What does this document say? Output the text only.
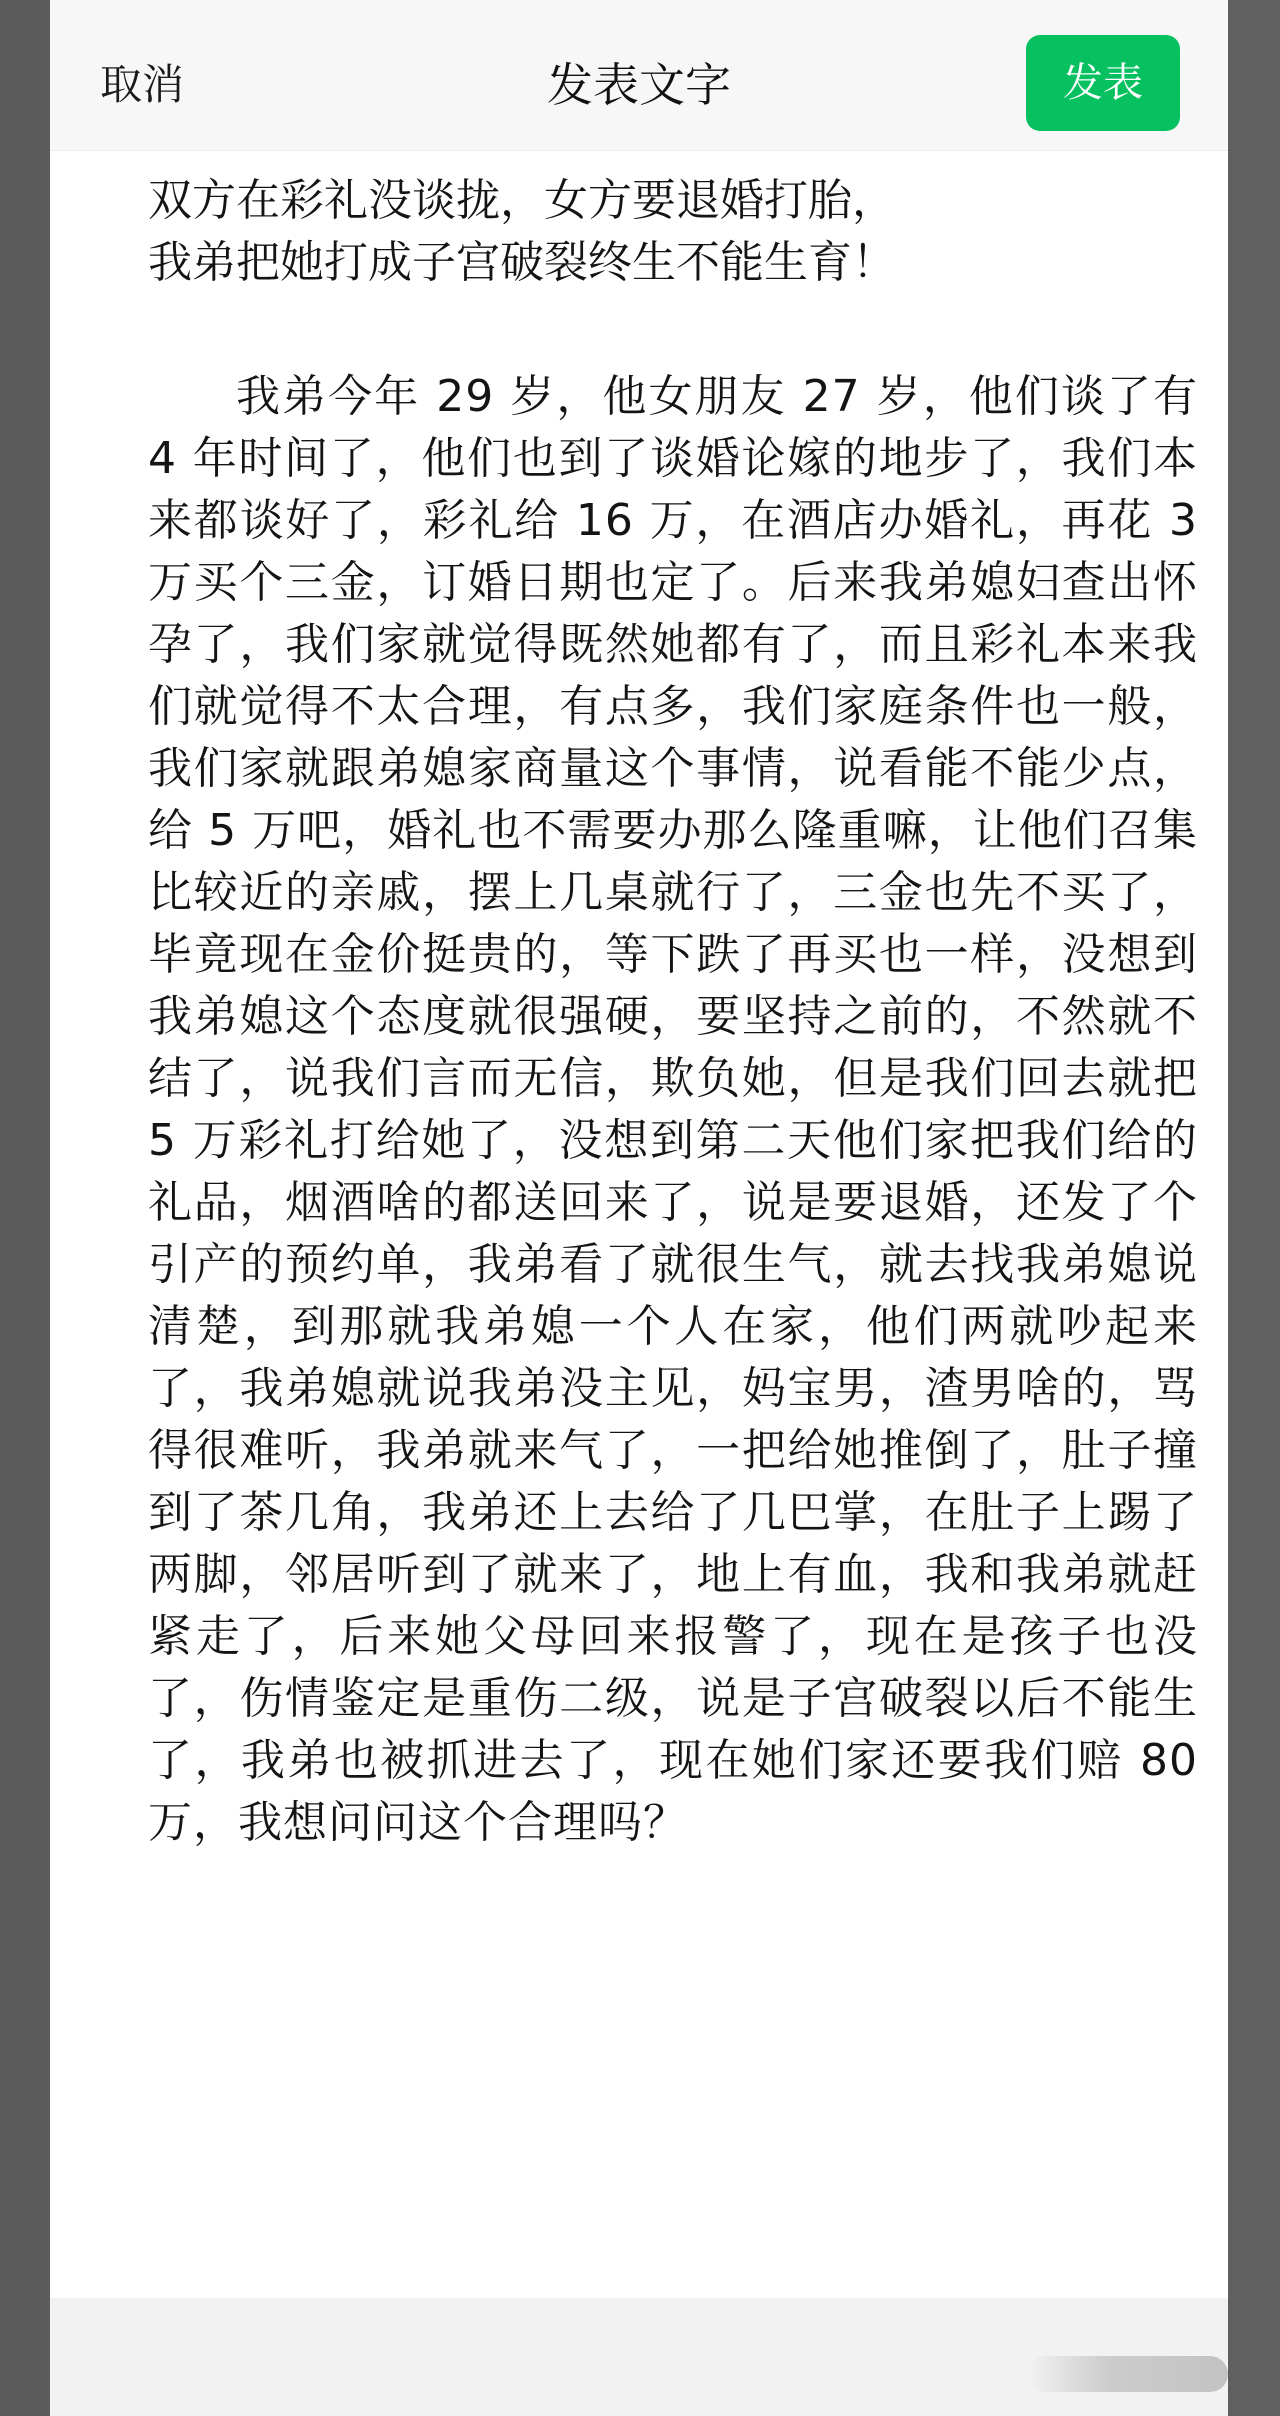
取消	发表文字	发表

双方在彩礼没谈拢，女方要退婚打胎，
我弟把她打成子宫破裂终生不能生育！

我弟今年 29 岁，他女朋友 27 岁，他们谈了有 4 年时间了，他们也到了谈婚论嫁的地步了，我们本来都谈好了，彩礼给 16 万，在酒店办婚礼，再花 3 万买个三金，订婚日期也定了。后来我弟媳妇查出怀孕了，我们家就觉得既然她都有了，而且彩礼本来我们就觉得不太合理，有点多，我们家庭条件也一般，我们家就跟弟媳家商量这个事情，说看能不能少点，给 5 万吧，婚礼也不需要办那么隆重嘛，让他们召集比较近的亲戚，摆上几桌就行了，三金也先不买了，毕竟现在金价挺贵的，等下跌了再买也一样，没想到我弟媳这个态度就很强硬，要坚持之前的，不然就不结了，说我们言而无信，欺负她，但是我们回去就把 5 万彩礼打给她了，没想到第二天他们家把我们给的礼品，烟酒啥的都送回来了，说是要退婚，还发了个引产的预约单，我弟看了就很生气，就去找我弟媳说清楚，到那就我弟媳一个人在家，他们两就吵起来了，我弟媳就说我弟没主见，妈宝男，渣男啥的，骂得很难听，我弟就来气了，一把给她推倒了，肚子撞到了茶几角，我弟还上去给了几巴掌，在肚子上踢了两脚，邻居听到了就来了，地上有血，我和我弟就赶紧走了，后来她父母回来报警了，现在是孩子也没了，伤情鉴定是重伤二级，说是子宫破裂以后不能生了，我弟也被抓进去了，现在她们家还要我们赔 80 万，我想问问这个合理吗？
